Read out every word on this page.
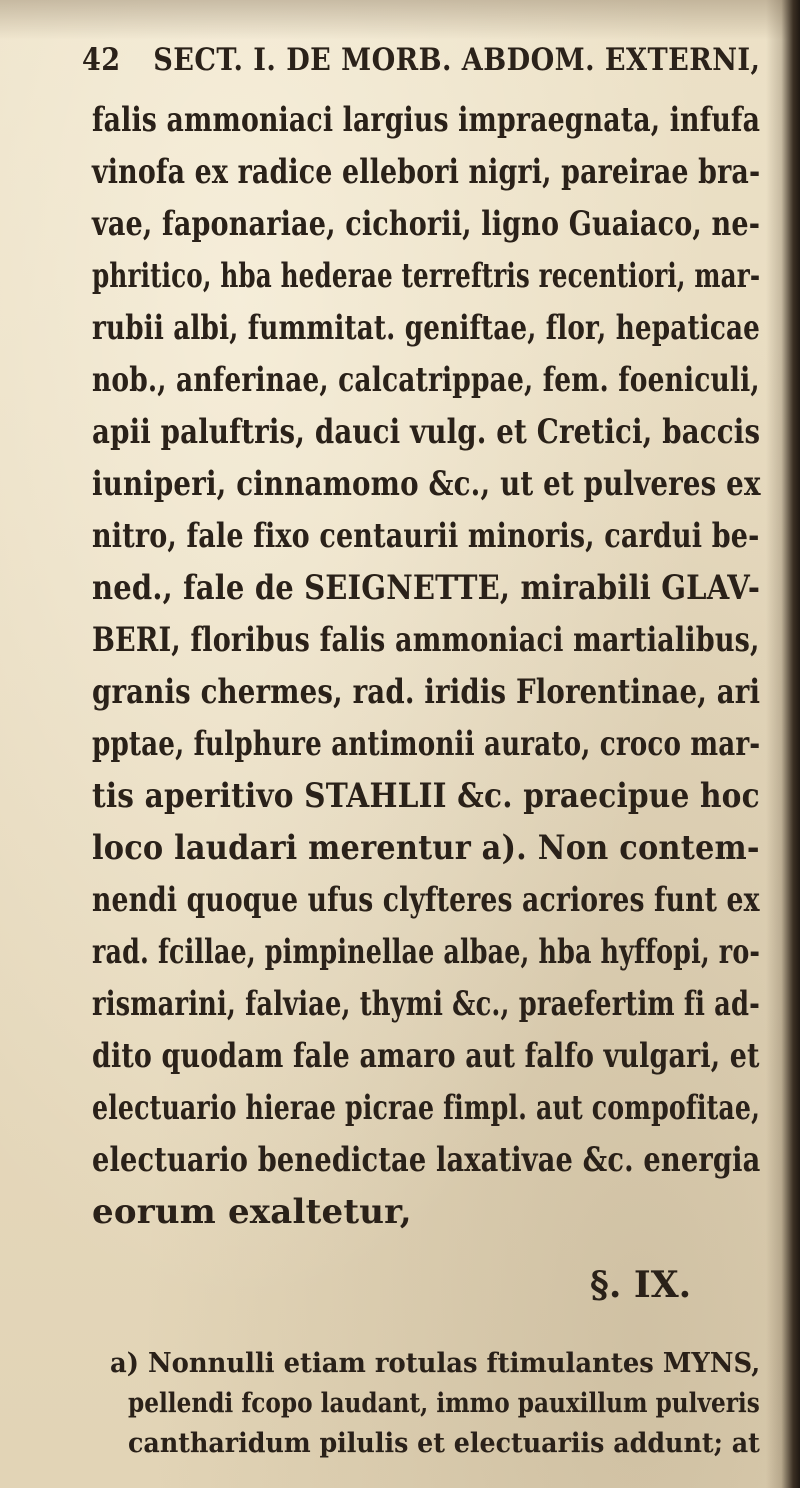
42 SECT. I. DE MORB. ABDOM. EXTERNI,
falis ammoniaci largius impraegnata, infufa
vinofa ex radice ellebori nigri, pareirae bra-
vae, faponariae, cichorii, ligno Guaiaco, ne-
phritico, hba hederae terreftris recentiori, mar-
rubii albi, fummitat. geniftae, flor, hepaticae
nob., anferinae, calcatrippae, fem. foeniculi,
apii paluftris, dauci vulg. et Cretici, baccis
iuniperi, cinnamomo &c., ut et pulveres ex
nitro, fale fixo centaurii minoris, cardui be-
ned., fale de SEIGNETTE, mirabili GLAV-
BERI, floribus falis ammoniaci martialibus,
granis chermes, rad. iridis Florentinae, ari
pptae, fulphure antimonii aurato, croco mar-
tis aperitivo STAHLII &c. praecipue hoc
loco laudari merentur a). Non contem-
nendi quoque ufus clyfteres acriores funt ex
rad. fcillae, pimpinellae albae, hba hyffopi, ro-
rismarini, falviae, thymi &c., praefertim fi ad-
dito quodam fale amaro aut falfo vulgari, et
electuario hierae picrae fimpl. aut compofitae,
electuario benedictae laxativae &c. energia
eorum exaltetur,
§. IX.
a) Nonnulli etiam rotulas ftimulantes MYNS,
pellendi fcopo laudant, immo pauxillum pulveris
cantharidum pilulis et electuariis addunt; at
